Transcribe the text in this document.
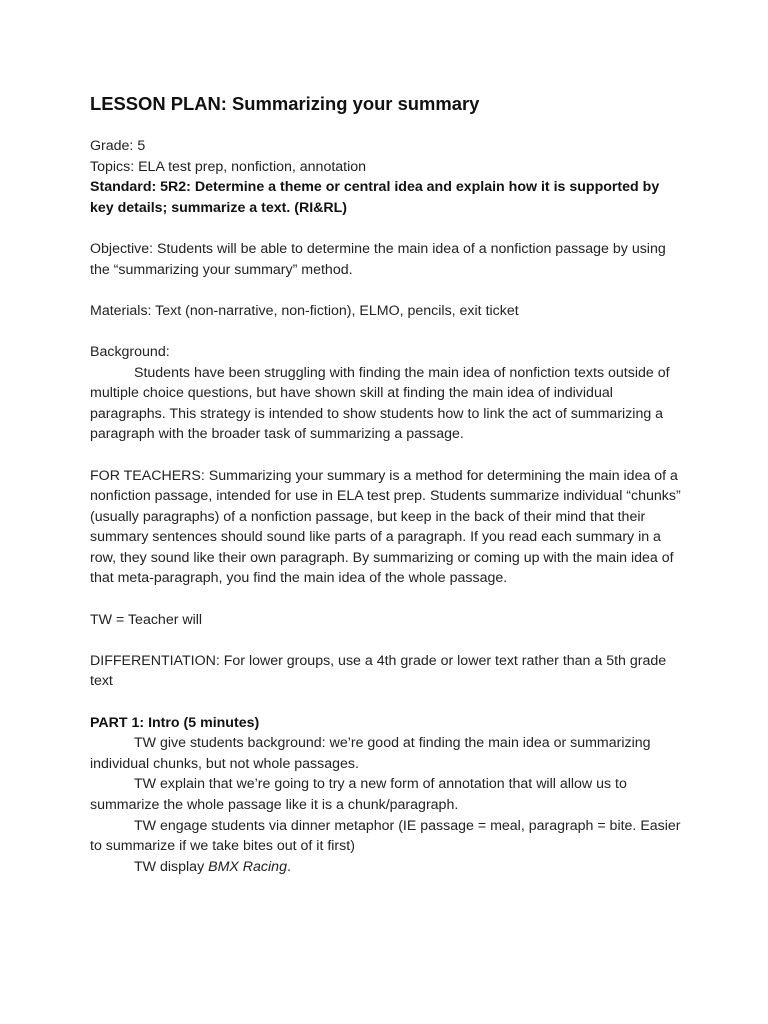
LESSON PLAN: Summarizing your summary

Grade: 5

Topics: ELA test prep, nonfiction, annotation

Standard: 5R2: Determine a theme or central idea and explain how it is supported by key details; summarize a text. (RI&RL)

Objective: Students will be able to determine the main idea of a nonfiction passage by using the “summarizing your summary” method.

Materials: Text (non-narrative, non-fiction), ELMO, pencils, exit ticket

Background:

Students have been struggling with finding the main idea of nonfiction texts outside of multiple choice questions, but have shown skill at finding the main idea of individual paragraphs. This strategy is intended to show students how to link the act of summarizing a paragraph with the broader task of summarizing a passage.

FOR TEACHERS: Summarizing your summary is a method for determining the main idea of a nonfiction passage, intended for use in ELA test prep. Students summarize individual “chunks” (usually paragraphs) of a nonfiction passage, but keep in the back of their mind that their summary sentences should sound like parts of a paragraph. If you read each summary in a row, they sound like their own paragraph. By summarizing or coming up with the main idea of that meta-paragraph, you find the main idea of the whole passage.

TW = Teacher will

DIFFERENTIATION: For lower groups, use a 4th grade or lower text rather than a 5th grade text

PART 1: Intro (5 minutes)

TW give students background: we’re good at finding the main idea or summarizing individual chunks, but not whole passages.

TW explain that we’re going to try a new form of annotation that will allow us to summarize the whole passage like it is a chunk/paragraph.

TW engage students via dinner metaphor (IE passage = meal, paragraph = bite. Easier to summarize if we take bites out of it first)

TW display BMX Racing.
